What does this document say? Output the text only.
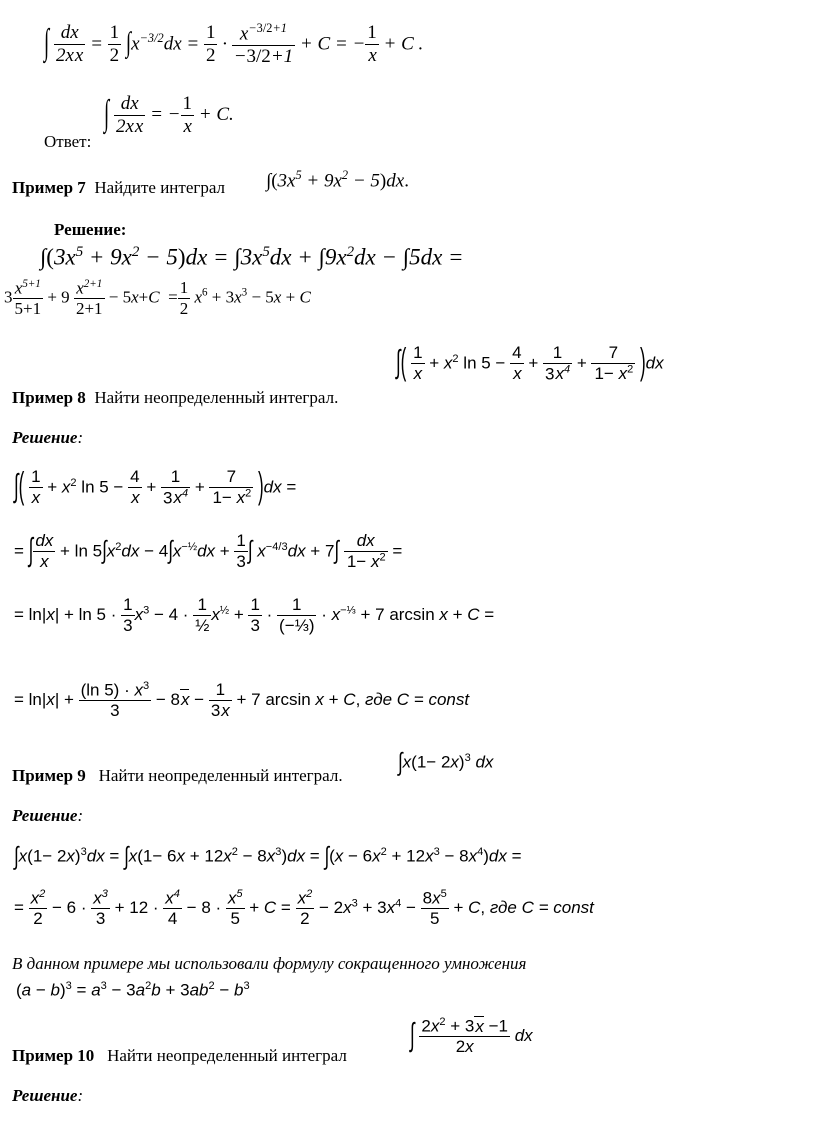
∫ $\frac{dx}{2xx} = \frac{1}{2} \int x^{-3/2}dx = \frac{1}{2} \cdot \frac{x^{-3/2+1}}{-3/2+1} + C$ = − $\frac{1}{x} + C$ .
Ответ:
∫ $\frac{dx}{2xx}$ = − $\frac{1}{x} + C$.
Пример 7 Найдите интеграл $\int(3x^5 + 9x^2 - 5)dx$.
Решение:
$\int(3x^5 + 9x^2 - 5)dx = \int 3x^5dx + \int 9x^2dx - \int 5dx$ =
$3 \frac{x^{5+1}}{5+1} + 9 \frac{x^{2+1}}{2+1} - 5x+C = \frac{1}{2} x^6 + 3x^3 - 5x + C$
Пример 8 Найти неопределенный интеграл.
∫( $\frac{1}{x} + x^2$ $\ln 5 - \frac{4}{x} + \frac{1}{3x^4} + \frac{7}{1- x^2} )dx$
Решение:
∫( $\frac{1}{x} + x^2$ $\ln 5 - \frac{4}{x} + \frac{1}{3x^4} + \frac{7}{1- x^2} )dx$ =
= ∫ $\frac{dx}{x} + \ln 5\int x^2dx - 4\int x^{-\frac{1}{2}}dx + \frac{1}{3}$ ∫ $x^{-4/3}dx + 7\int \frac{dx}{1- x^2}$ =
= $\ln|x| + \ln 5 \cdot \frac{1}{3} x^3 - 4 \cdot \frac{1}{\text{½}} x^{\frac{1}{2}} + \frac{1}{3} \cdot \frac{1}{\text{(−⅓)}} \cdot x^{-\frac{1}{3}} + 7$ arcsin x + C =
= $\ln|x| + \frac{(\ln 5) \cdot x^3}{3} - 8x - \frac{1}{3x} + 7$ arcsin x + C, где C = const
Пример 9 Найти неопределенный интеграл.	$\int x(1- 2x)^3$ dx
Решение:
$\int x(1- 2x)^3dx = \int x(1- 6x + 12x^2 - 8x^3)dx = \int(x - 6x^2 + 12x^3 - 8x^4)dx$ =
= $\frac{x^2}{2} - 6 \cdot \frac{x^3}{3} + 12 \cdot \frac{x^4}{4} - 8 \cdot \frac{x^5}{5} + C = \frac{x^2}{2} - 2x^3 + 3x^4 - \frac{8x^5}{5} + C$, где C = const
В данном примере мы использовали формулу сокращенного умножения
$(a - b)^3 = a^3 - 3a^2b + 3ab^2 - b^3$
Пример 10 Найти неопределенный интеграл
∫ $\frac{2x^2 + 3x -1}{2x}$ dx
Решение:
